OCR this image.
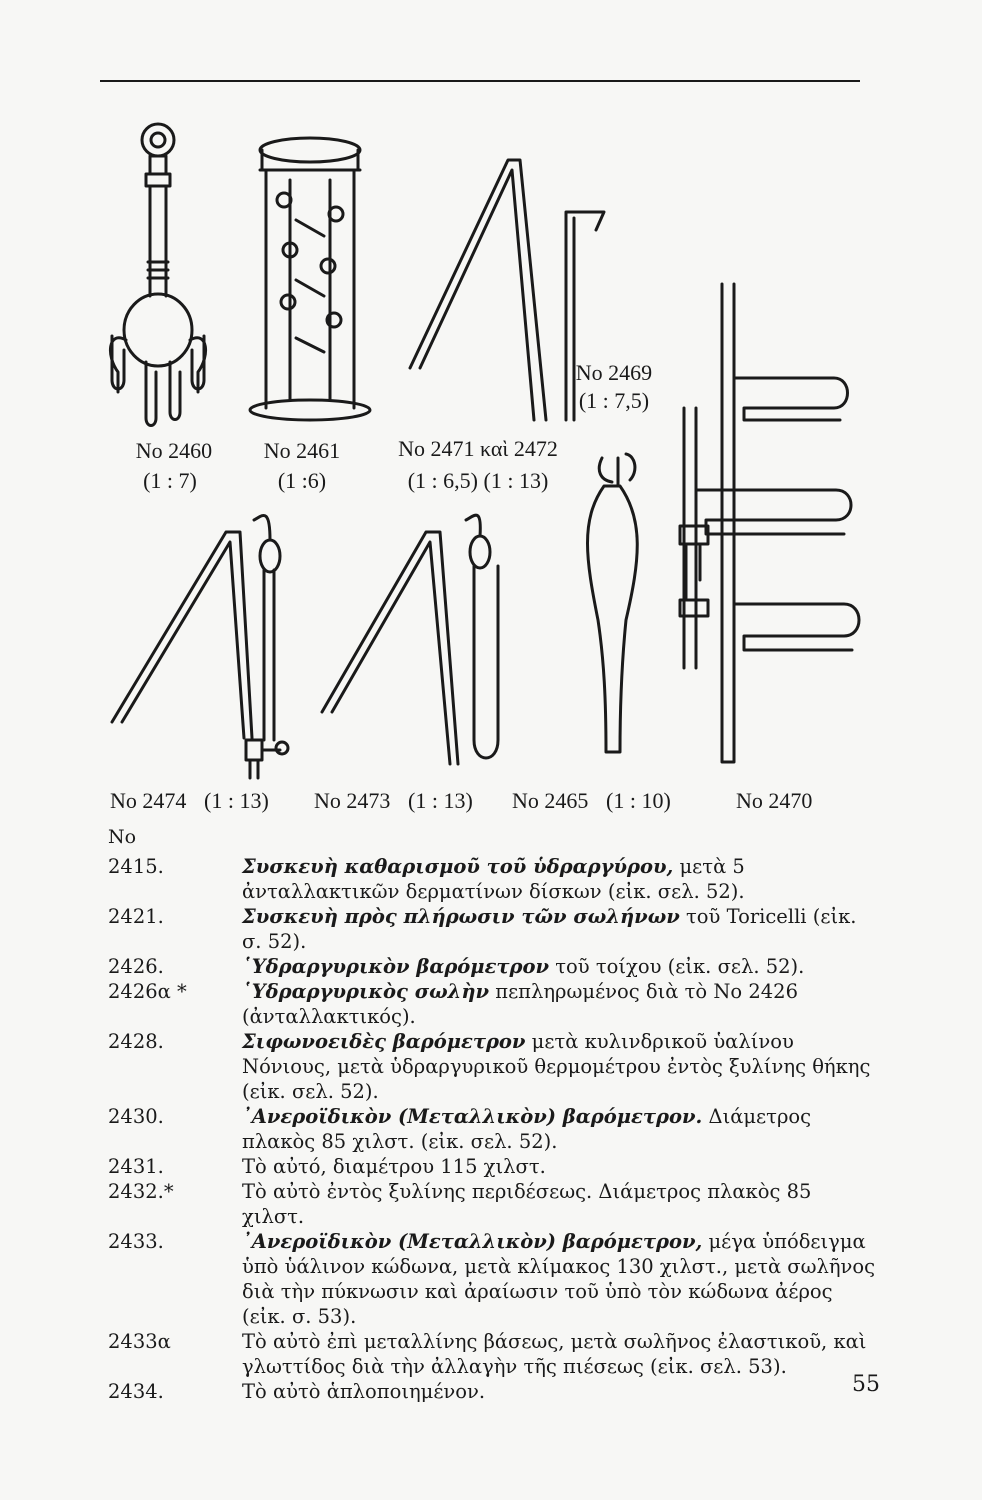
No 2460
(1 : 7)
No 2461
(1 :6)
No 2471 καὶ 2472
(1 : 6,5) (1 : 13)
No 2469
(1 : 7,5)
No 2474 (1 : 13) No 2473 (1 : 13) No 2465 (1 : 10)	No 2470
No
2415.	Συσκευὴ καθαρισμοῦ τοῦ ὑδραργύρου, μετὰ 5 ἀνταλλακτικῶν δερματίνων δίσκων (εἰκ. σελ. 52).
2421.	Συσκευὴ πρὸς πλήρωσιν τῶν σωλήνων τοῦ Toricelli (εἰκ. σ. 52).
2426.	῾Υδραργυρικὸν βαρόμετρον τοῦ τοίχου (εἰκ. σελ. 52).
2426α *	῾Υδραργυρικὸς σωλὴν πεπληρωμένος διὰ τὸ No 2426 (ἀνταλλακτικός).
2428.	Σιφωνοειδὲς βαρόμετρον μετὰ κυλινδρικοῦ ὑαλίνου Νόνιους, μετὰ ὑδραργυρικοῦ θερμομέτρου ἐντὸς ξυλίνης θήκης (εἰκ. σελ. 52).
2430.	᾿Ανεροϊδικὸν (Μεταλλικὸν) βαρόμετρον. Διάμετρος πλακὸς 85 χιλστ. (εἰκ. σελ. 52).
2431.	Τὸ αὐτό, διαμέτρου 115 χιλστ.
2432.*	Τὸ αὐτὸ ἐντὸς ξυλίνης περιδέσεως. Διάμετρος πλακὸς 85 χιλστ.
2433.	᾿Ανεροϊδικὸν (Μεταλλικὸν) βαρόμετρον, μέγα ὑπόδειγμα ὑπὸ ὑάλινον κώδωνα, μετὰ κλίμακος 130 χιλστ., μετὰ σωλῆνος διὰ τὴν πύκνωσιν καὶ ἀραίωσιν τοῦ ὑπὸ τὸν κώδωνα ἀέρος (εἰκ. σ. 53).
2433α	Τὸ αὐτὸ ἐπὶ μεταλλίνης βάσεως, μετὰ σωλῆνος ἐλαστικοῦ, καὶ γλωττίδος διὰ τὴν ἀλλαγὴν τῆς πιέσεως (εἰκ. σελ. 53).
2434.	Τὸ αὐτὸ ἁπλοποιημένον.	55
